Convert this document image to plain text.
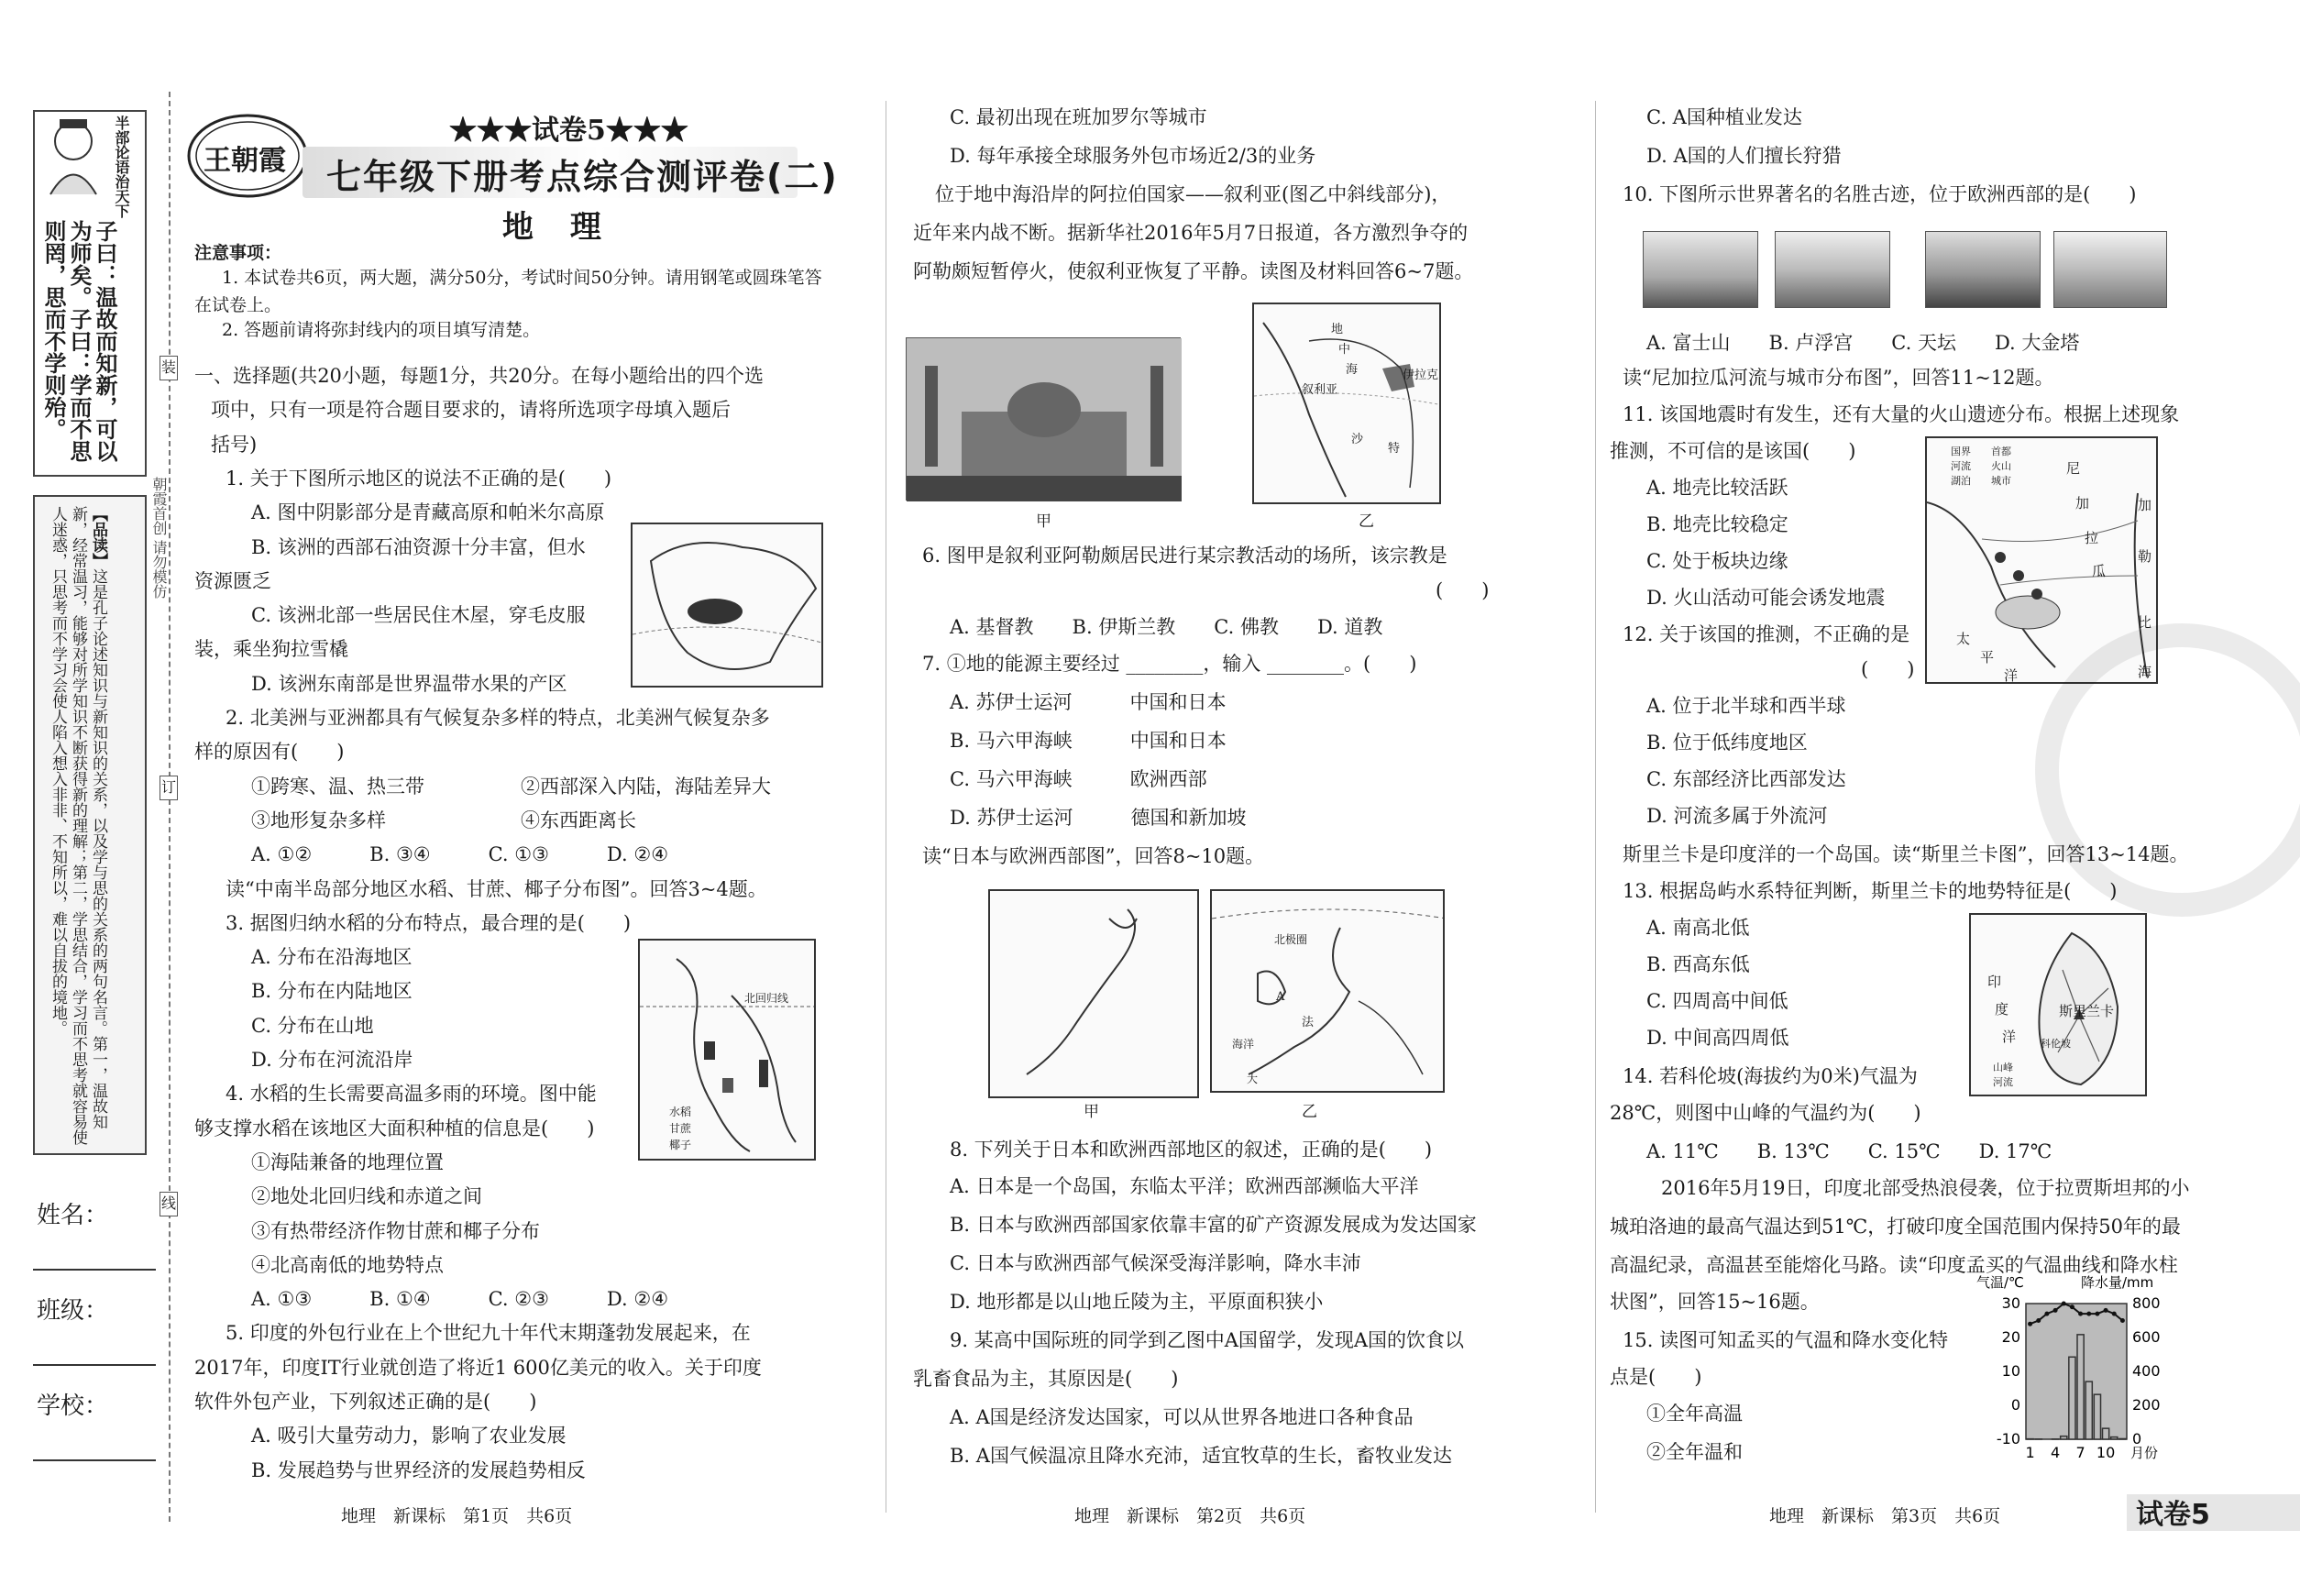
半部论语治天下
子曰：温故而知新，可以为师矣。子曰：学而不思则罔，思而不学则殆。
【品读】这是孔子论述知识与新知识的关系，以及学与思的关系的两句名言。第一，温故知新，经常温习，能够对所学知识不断获得新的理解；第二，学思结合，学习而不思考就容易使人迷惑，只思考而不学习会使人陷入想入非非、不知所以，难以自拔的境地。
姓名：
班级：
学校：
装
订
线
朝霞首创 请勿模仿
王朝霞
★★★试卷5★★★
七年级下册考点综合测评卷(二)
地 理
注意事项：
1. 本试卷共6页，两大题，满分50分，考试时间50分钟。请用钢笔或圆珠笔答在试卷上。
2. 答题前请将弥封线内的项目填写清楚。
一、选择题(共20小题，每题1分，共20分。在每小题给出的四个选
项中，只有一项是符合题目要求的，请将所选项字母填入题后
括号)
1. 关于下图所示地区的说法不正确的是(　　)
A. 图中阴影部分是青藏高原和帕米尔高原
B. 该洲的西部石油资源十分丰富，但水
资源匮乏
C. 该洲北部一些居民住木屋，穿毛皮服
装，乘坐狗拉雪橇
D. 该洲东南部是世界温带水果的产区
2. 北美洲与亚洲都具有气候复杂多样的特点，北美洲气候复杂多
样的原因有(　　)
①跨寒、温、热三带　　　　　②西部深入内陆，海陆差异大
③地形复杂多样　　　　　　　④东西距离长
A. ①②　　　B. ③④　　　C. ①③　　　D. ②④
读“中南半岛部分地区水稻、甘蔗、椰子分布图”。回答3~4题。
3. 据图归纳水稻的分布特点，最合理的是(　　)
A. 分布在沿海地区
B. 分布在内陆地区
C. 分布在山地
D. 分布在河流沿岸
4. 水稻的生长需要高温多雨的环境。图中能
够支撑水稻在该地区大面积种植的信息是(　　)
①海陆兼备的地理位置
②地处北回归线和赤道之间
③有热带经济作物甘蔗和椰子分布
④北高南低的地势特点
A. ①③　　　B. ①④　　　C. ②③　　　D. ②④
5. 印度的外包行业在上个世纪九十年代末期蓬勃发展起来，在
2017年，印度IT行业就创造了将近1 600亿美元的收入。关于印度
软件外包产业，下列叙述正确的是(　　)
A. 吸引大量劳动力，影响了农业发展
B. 发展趋势与世界经济的发展趋势相反
北回归线
水稻
甘蔗
椰子
地理　新课标　第1页　共6页
C. 最初出现在班加罗尔等城市
D. 每年承接全球服务外包市场近2/3的业务
位于地中海沿岸的阿拉伯国家——叙利亚(图乙中斜线部分)，
近年来内战不断。据新华社2016年5月7日报道，各方激烈争夺的
阿勒颇短暂停火，使叙利亚恢复了平静。读图及材料回答6~7题。
6. 图甲是叙利亚阿勒颇居民进行某宗教活动的场所，该宗教是
(　　)
A. 基督教　　B. 伊斯兰教　　C. 佛教　　D. 道教
7. ①地的能源主要经过 ________，输入 ________。(　　)
A. 苏伊士运河　　　中国和日本
B. 马六甲海峡　　　中国和日本
C. 马六甲海峡　　　欧洲西部
D. 苏伊士运河　　　德国和新加坡
读“日本与欧洲西部图”，回答8~10题。
8. 下列关于日本和欧洲西部地区的叙述，正确的是(　　)
A. 日本是一个岛国，东临太平洋；欧洲西部濒临大平洋
B. 日本与欧洲西部国家依靠丰富的矿产资源发展成为发达国家
C. 日本与欧洲西部气候深受海洋影响，降水丰沛
D. 地形都是以山地丘陵为主，平原面积狭小
9. 某高中国际班的同学到乙图中A国留学，发现A国的饮食以
乳畜食品为主，其原因是(　　)
A. A国是经济发达国家，可以从世界各地进口各种食品
B. A国气候温凉且降水充沛，适宜牧草的生长，畜牧业发达
甲
地
中
海
叙利亚
伊拉克
沙
特
乙
甲
北极圈
A
海洋
法
大
乙
地理　新课标　第2页　共6页
C. A国种植业发达
D. A国的人们擅长狩猎
10. 下图所示世界著名的名胜古迹，位于欧洲西部的是(　　)
A. 富士山　　B. 卢浮宫　　C. 天坛　　D. 大金塔
读“尼加拉瓜河流与城市分布图”，回答11~12题。
11. 该国地震时有发生，还有大量的火山遗迹分布。根据上述现象
推测，不可信的是该国(　　)
A. 地壳比较活跃
B. 地壳比较稳定
C. 处于板块边缘
D. 火山活动可能会诱发地震
12. 关于该国的推测，不正确的是
(　　)
A. 位于北半球和西半球
B. 位于低纬度地区
C. 东部经济比西部发达
D. 河流多属于外流河
斯里兰卡是印度洋的一个岛国。读“斯里兰卡图”，回答13~14题。
13. 根据岛屿水系特征判断，斯里兰卡的地势特征是(　　)
A. 南高北低
B. 西高东低
C. 四周高中间低
D. 中间高四周低
14. 若科伦坡(海拔约为0米)气温为
28℃，则图中山峰的气温约为(　　)
A. 11℃　　B. 13℃　　C. 15℃　　D. 17℃
2016年5月19日，印度北部受热浪侵袭，位于拉贾斯坦邦的小
城珀洛迪的最高气温达到51℃，打破印度全国范围内保持50年的最
高温纪录，高温甚至能熔化马路。读“印度孟买的气温曲线和降水柱
状图”，回答15~16题。
15. 读图可知孟买的气温和降水变化特
点是(　　)
①全年高温
②全年温和
国界 首都
河流 火山
湖泊 城市
尼
加
拉
瓜
太
平
洋
加
勒
比
海
印
度
洋
斯里兰卡
科伦坡
山峰
河流
30
20
10
0
-10
800
600
400
200
0
1 4 7 10 月份
气温/℃	降水量/mm
地理　新课标　第3页　共6页	试卷5
